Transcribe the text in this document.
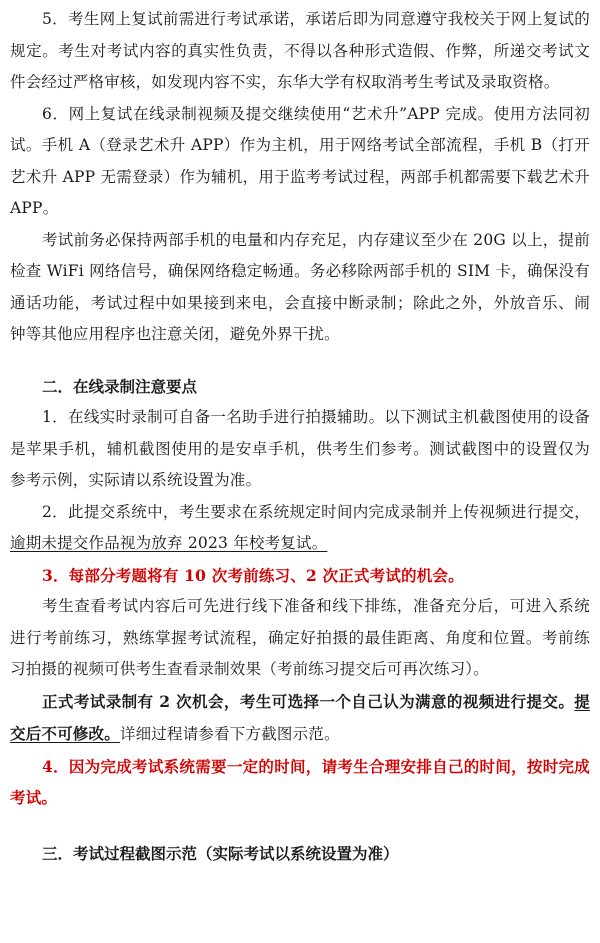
5．考生网上复试前需进行考试承诺，承诺后即为同意遵守我校关于网上复试的规定。考生对考试内容的真实性负责，不得以各种形式造假、作弊，所递交考试文件会经过严格审核，如发现内容不实，东华大学有权取消考生考试及录取资格。

6．网上复试在线录制视频及提交继续使用“艺术升”APP 完成。使用方法同初试。手机 A（登录艺术升 APP）作为主机，用于网络考试全部流程，手机 B（打开艺术升 APP 无需登录）作为辅机，用于监考考试过程，两部手机都需要下载艺术升 APP。

考试前务必保持两部手机的电量和内存充足，内存建议至少在 20G 以上，提前检查 WiFi 网络信号，确保网络稳定畅通。务必移除两部手机的 SIM 卡，确保没有通话功能，考试过程中如果接到来电，会直接中断录制；除此之外，外放音乐、闹钟等其他应用程序也注意关闭，避免外界干扰。

二．在线录制注意要点

1．在线实时录制可自备一名助手进行拍摄辅助。以下测试主机截图使用的设备是苹果手机，辅机截图使用的是安卓手机，供考生们参考。测试截图中的设置仅为参考示例，实际请以系统设置为准。

2．此提交系统中，考生要求在系统规定时间内完成录制并上传视频进行提交，逾期未提交作品视为放弃 2023 年校考复试。

3．每部分考题将有 10 次考前练习、2 次正式考试的机会。

考生查看考试内容后可先进行线下准备和线下排练，准备充分后，可进入系统进行考前练习，熟练掌握考试流程，确定好拍摄的最佳距离、角度和位置。考前练习拍摄的视频可供考生查看录制效果（考前练习提交后可再次练习）。

正式考试录制有 2 次机会，考生可选择一个自己认为满意的视频进行提交。提交后不可修改。详细过程请参看下方截图示范。

4．因为完成考试系统需要一定的时间，请考生合理安排自己的时间，按时完成考试。

三．考试过程截图示范（实际考试以系统设置为准）
